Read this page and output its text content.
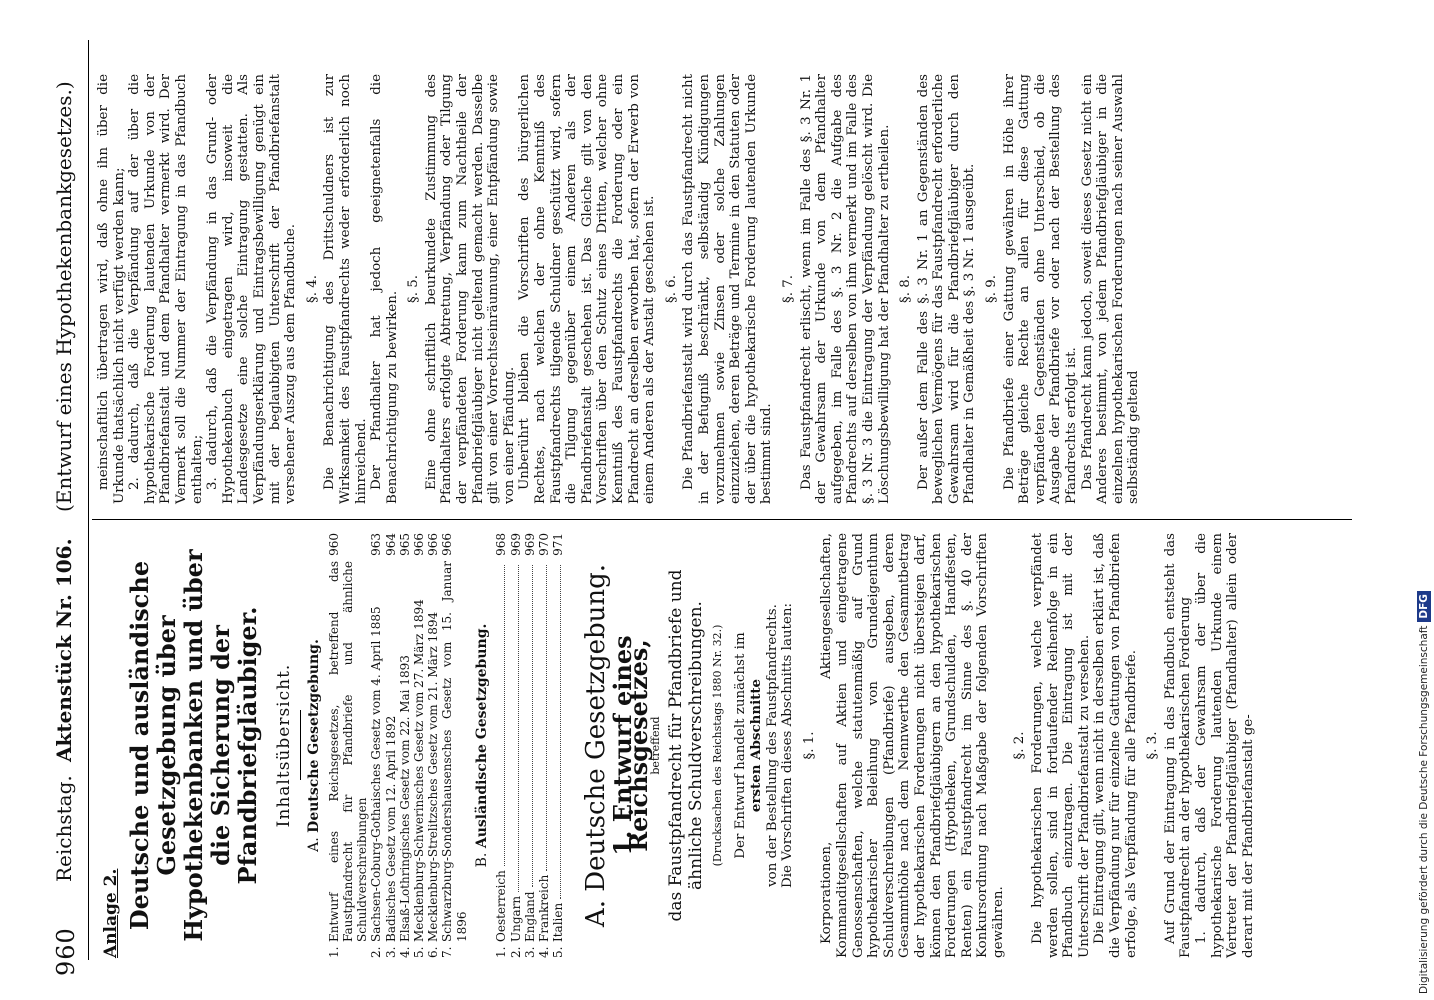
960
Reichstag.
Aktenstück Nr. 106.
(Entwurf eines Hypothekenbankgesetzes.)
Anlage 2. Deutsche und ausländische Gesetzgebung über Hypothekenbanken und über die Sicherung der Pfandbriefgläubiger. Inhaltsübersicht.
A. Deutsche Gesetzgebung.
1.
Entwurf eines Reichsgesetzes, betreffend das Faustpfandrecht für Pfandbriefe und ähnliche Schuldverschreibungen
960
2.
Sachsen-Coburg-Gothaisches Gesetz vom 4. April 1885
963
3.
Badisches Gesetz vom 12. April 1892
964
4.
Elsaß-Lothringisches Gesetz vom 22. Mai 1893
965
5.
Mecklenburg-Schwerinsches Gesetz vom 27. März 1894
966
6.
Mecklenburg-Strelitzsches Gesetz vom 21. März 1894
966
7.
Schwarzburg-Sondershausensches Gesetz vom 15. Januar 1896
966
B. Ausländische Gesetzgebung.
1.
Oesterreich
968
2.
Ungarn
969
3.
England
969
4.
Frankreich
970
5.
Italien
971
A. Deutsche Gesetzgebung.
1. Entwurf eines Reichsgesetzes,
betreffend das Faustpfandrecht für Pfandbriefe und ähnliche Schuldverschreibungen. (Drucksachen des Reichstags 1880 Nr. 32.) Der Entwurf handelt zunächst im ersten Abschnitte von der Bestellung des Faustpfandrechts. Die Vorschriften dieses Abschnitts lauten: §. 1. Korporationen, Aktiengesellschaften, Kommanditgesellschaften auf Aktien und eingetragene Genossenschaften, welche statutenmäßig auf Grund hypothekarischer Beleihung von Grundeigenthum Schuldverschreibungen (Pfandbriefe) ausgeben, deren Gesammthöhe nach dem Nennwerthe den Gesammtbetrag der hypothekarischen Forderungen nicht übersteigen darf, können den Pfandbriefgläubigern an den hypothekarischen Forderungen (Hypotheken, Grundschulden, Handfesten, Renten) ein Faustpfandrecht im Sinne des §. 40 der Konkursordnung nach Maßgabe der folgenden Vorschriften gewähren.

§. 2. Die hypothekarischen Forderungen, welche verpfändet werden sollen, sind in fortlaufender Reihenfolge in ein Pfandbuch einzutragen. Die Eintragung ist mit der Unterschrift der Pfandbriefanstalt zu versehen. Die Eintragung gilt, wenn nicht in derselben erklärt ist, daß die Verpfändung nur für einzelne Gattungen von Pfandbriefen erfolge, als Verpfändung für alle Pfandbriefe. §. 3. Auf Grund der Eintragung in das Pfandbuch entsteht das Faustpfandrecht an der hypothekarischen Forderung 1. dadurch, daß der Gewahrsam der über die hypothekarische Forderung lautenden Urkunde einem Vertreter der Pfandbriefgläubiger (Pfandhalter) allein oder derart mit der Pfandbriefanstalt ge-

meinschaftlich übertragen wird, daß ohne ihn über die Urkunde thatsächlich nicht verfügt werden kann; 2. dadurch, daß die Verpfändung auf der über die hypothekarische Forderung lautenden Urkunde von der Pfandbriefanstalt und dem Pfandhalter vermerkt wird. Der Vermerk soll die Nummer der Eintragung in das Pfandbuch enthalten; 3. dadurch, daß die Verpfändung in das Grund- oder Hypothekenbuch eingetragen wird, insoweit die Landesgesetze eine solche Eintragung gestatten. Als Verpfändungserklärung und Eintragsbewilligung genügt ein mit der beglaubigten Unterschrift der Pfandbriefanstalt versehener Auszug aus dem Pfandbuche. §. 4. Die Benachrichtigung des Drittschuldners ist zur Wirksamkeit des Faustpfandrechts weder erforderlich noch hinreichend. Der Pfandhalter hat jedoch geeignetenfalls die Benachrichtigung zu bewirken.

§. 5. Eine ohne schriftlich beurkundete Zustimmung des Pfandhalters erfolgte Abtretung, Verpfändung oder Tilgung der verpfändeten Forderung kann zum Nachtheile der Pfandbriefgläubiger nicht geltend gemacht werden. Dasselbe gilt von einer Vorrechtseinräumung, einer Entpfändung sowie von einer Pfändung. Unberührt bleiben die Vorschriften des bürgerlichen Rechtes, nach welchen der ohne Kenntniß des Faustpfandrechts tilgende Schuldner geschützt wird, sofern die Tilgung gegenüber einem Anderen als der Pfandbriefanstalt geschehen ist. Das Gleiche gilt von den Vorschriften über den Schutz eines Dritten, welcher ohne Kenntniß des Faustpfandrechts die Forderung oder ein Pfandrecht an derselben erworben hat, sofern der Erwerb von einem Anderen als der Anstalt geschehen ist. §. 6. Die Pfandbriefanstalt wird durch das Faustpfandrecht nicht in der Befugniß beschränkt, selbständig Kündigungen vorzunehmen sowie Zinsen oder solche Zahlungen einzuziehen, deren Beträge und Termine in den Statuten oder der über die hypothekarische Forderung lautenden Urkunde bestimmt sind.

§. 7. Das Faustpfandrecht erlischt, wenn im Falle des §. 3 Nr. 1 der Gewahrsam der Urkunde von dem Pfandhalter aufgegeben, im Falle des §. 3 Nr. 2 die Aufgabe des Pfandrechts auf derselben von ihm vermerkt und im Falle des §. 3 Nr. 3 die Eintragung der Verpfändung gelöscht wird. Die Löschungsbewilligung hat der Pfandhalter zu ertheilen. §. 8. Der außer dem Falle des §. 3 Nr. 1 an Gegenständen des beweglichen Vermögens für das Faustpfandrecht erforderliche Gewahrsam wird für die Pfandbriefgläubiger durch den Pfandhalter in Gemäßheit des §. 3 Nr. 1 ausgeübt. §. 9. Die Pfandbriefe einer Gattung gewähren in Höhe ihrer Beträge gleiche Rechte an allen für diese Gattung verpfändeten Gegenständen ohne Unterschied, ob die Ausgabe der Pfandbriefe vor oder nach der Bestellung des Pfandrechts erfolgt ist. Das Pfandrecht kann jedoch, soweit dieses Gesetz nicht ein Anderes bestimmt, von jedem Pfandbriefgläubiger in die einzelnen hypothekarischen Forderungen nach seiner Auswahl selbständig geltend

Digitalisierung gefördert durch die Deutsche ForschungsgemeinschaftDFG
